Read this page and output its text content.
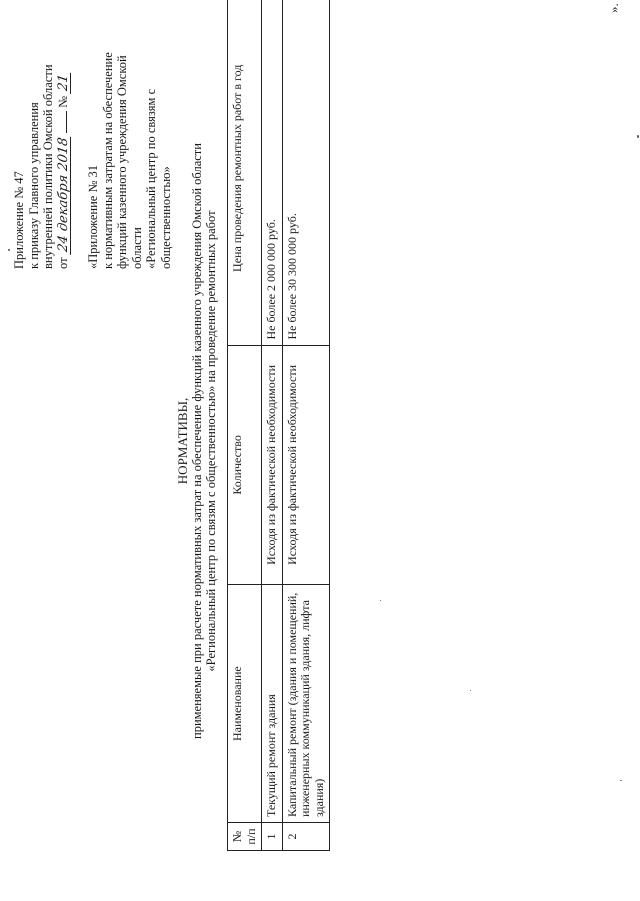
Приложение № 47 к приказу Главного управления внутренней политики Омской области от 24 декабря 2018  № 21
«Приложение № 31 к нормативным затратам на обеспечение функций казенного учреждения Омской области «Региональный центр по связям с общественностью»
НОРМАТИВЫ, применяемые при расчете нормативных затрат на обеспечение функций казенного учреждения Омской области «Региональный центр по связям с общественностью» на проведение ремонтных работ
№ п/п	Наименование	Количество	Цена проведения ремонтных работ в год
1	Текущий ремонт здания	Исходя из фактической необходимости	Не более 2 000 000 руб.
2	Капитальный ремонт (здания и помещений, инженерных коммуникаций здания, лифта здания)	Исходя из фактической необходимости	Не более 30 300 000 руб.
».
